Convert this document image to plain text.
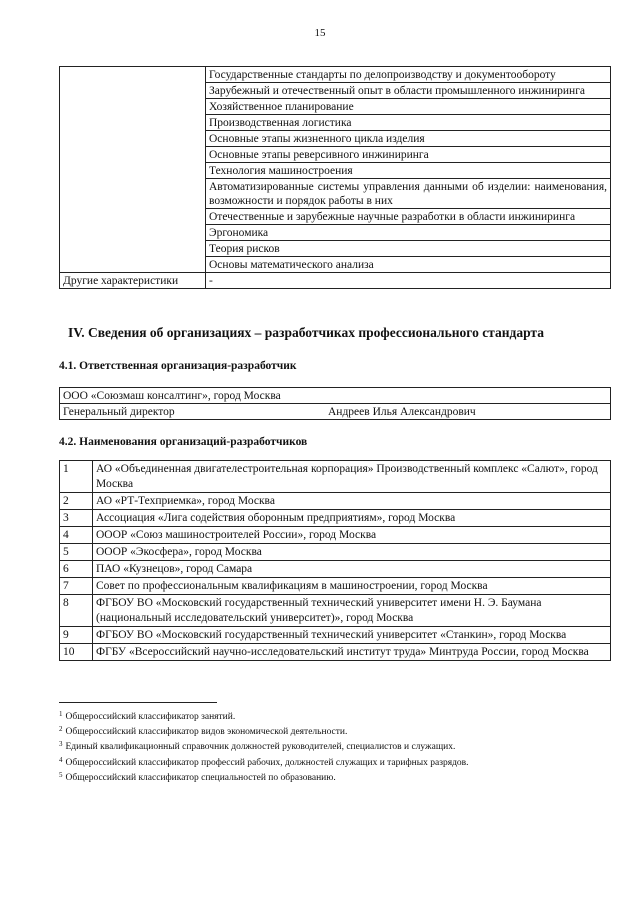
15
	Государственные стандарты по делопроизводству и документообороту
	Зарубежный и отечественный опыт в области промышленного инжиниринга
	Хозяйственное планирование
	Производственная логистика
	Основные этапы жизненного цикла изделия
	Основные этапы реверсивного инжиниринга
	Технология машиностроения
	Автоматизированные системы управления данными об изделии: наименования, возможности и порядок работы в них
	Отечественные и зарубежные научные разработки в области инжиниринга
	Эргономика
	Теория рисков
	Основы математического анализа
Другие характеристики	-
IV. Сведения об организациях – разработчиках профессионального стандарта
4.1. Ответственная организация-разработчик
ООО «Союзмаш консалтинг», город Москва
Генеральный директор	Андреев Илья Александрович
4.2. Наименования организаций-разработчиков
1	АО «Объединенная двигателестроительная корпорация» Производственный комплекс «Салют», город Москва
2	АО «РТ-Техприемка», город Москва
3	Ассоциация «Лига содействия оборонным предприятиям», город Москва
4	ОООР «Союз машиностроителей России», город Москва
5	ОООР «Экосфера», город Москва
6	ПАО «Кузнецов», город Самара
7	Совет по профессиональным квалификациям в машиностроении, город Москва
8	ФГБОУ ВО «Московский государственный технический университет имени Н. Э. Баумана (национальный исследовательский университет)», город Москва
9	ФГБОУ ВО «Московский государственный технический университет «Станкин», город Москва
10	ФГБУ «Всероссийский научно-исследовательский институт труда» Минтруда России, город Москва
$^1$ Общероссийский классификатор занятий.
$^2$ Общероссийский классификатор видов экономической деятельности.
$^3$ Единый квалификационный справочник должностей руководителей, специалистов и служащих.
$^4$ Общероссийский классификатор профессий рабочих, должностей служащих и тарифных разрядов.
$^5$ Общероссийский классификатор специальностей по образованию.
